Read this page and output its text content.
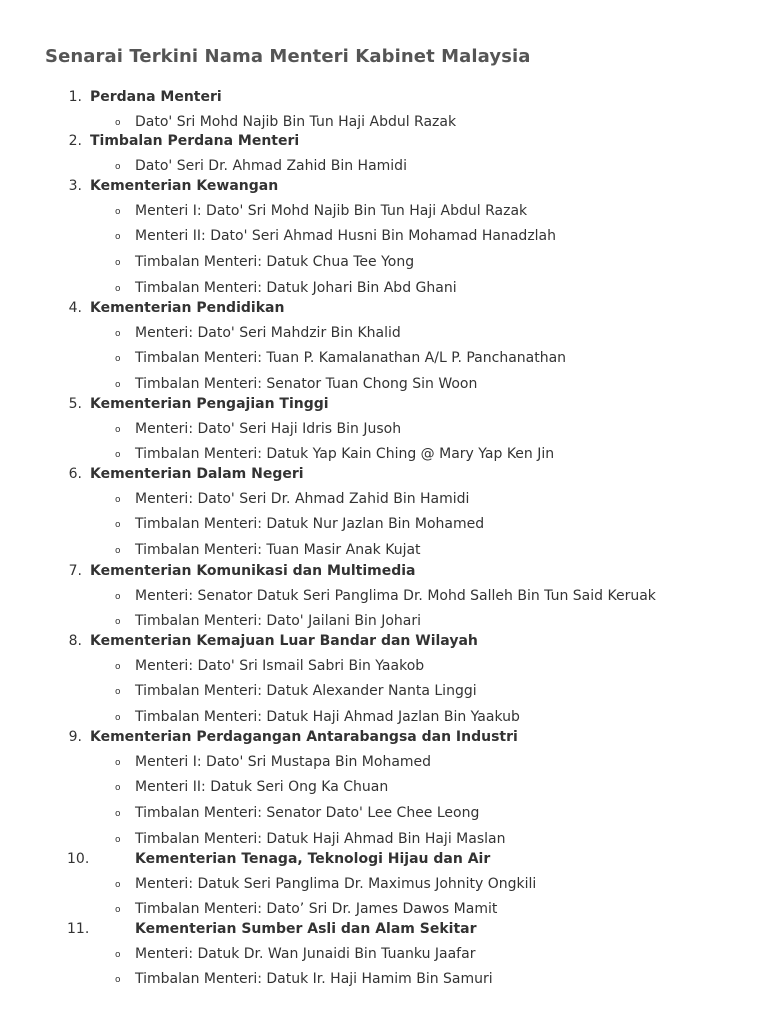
Senarai Terkini Nama Menteri Kabinet Malaysia
1. Perdana Menteri
o Dato' Sri Mohd Najib Bin Tun Haji Abdul Razak
2. Timbalan Perdana Menteri
o Dato' Seri Dr. Ahmad Zahid Bin Hamidi
3. Kementerian Kewangan
o Menteri I: Dato' Sri Mohd Najib Bin Tun Haji Abdul Razak
o Menteri II: Dato' Seri Ahmad Husni Bin Mohamad Hanadzlah
o Timbalan Menteri: Datuk Chua Tee Yong
o Timbalan Menteri: Datuk Johari Bin Abd Ghani
4. Kementerian Pendidikan
o Menteri: Dato' Seri Mahdzir Bin Khalid
o Timbalan Menteri: Tuan P. Kamalanathan A/L P. Panchanathan
o Timbalan Menteri: Senator Tuan Chong Sin Woon
5. Kementerian Pengajian Tinggi
o Menteri: Dato' Seri Haji Idris Bin Jusoh
o Timbalan Menteri: Datuk Yap Kain Ching @ Mary Yap Ken Jin
6. Kementerian Dalam Negeri
o Menteri: Dato' Seri Dr. Ahmad Zahid Bin Hamidi
o Timbalan Menteri: Datuk Nur Jazlan Bin Mohamed
o Timbalan Menteri: Tuan Masir Anak Kujat
7. Kementerian Komunikasi dan Multimedia
o Menteri: Senator Datuk Seri Panglima Dr. Mohd Salleh Bin Tun Said Keruak
o Timbalan Menteri: Dato' Jailani Bin Johari
8. Kementerian Kemajuan Luar Bandar dan Wilayah
o Menteri: Dato' Sri Ismail Sabri Bin Yaakob
o Timbalan Menteri: Datuk Alexander Nanta Linggi
o Timbalan Menteri: Datuk Haji Ahmad Jazlan Bin Yaakub
9. Kementerian Perdagangan Antarabangsa dan Industri
o Menteri I: Dato' Sri Mustapa Bin Mohamed
o Menteri II: Datuk Seri Ong Ka Chuan
o Timbalan Menteri: Senator Dato' Lee Chee Leong
o Timbalan Menteri: Datuk Haji Ahmad Bin Haji Maslan
10.	Kementerian Tenaga, Teknologi Hijau dan Air
o Menteri: Datuk Seri Panglima Dr. Maximus Johnity Ongkili
o Timbalan Menteri: Dato’ Sri Dr. James Dawos Mamit
11.	Kementerian Sumber Asli dan Alam Sekitar
o Menteri: Datuk Dr. Wan Junaidi Bin Tuanku Jaafar
o Timbalan Menteri: Datuk Ir. Haji Hamim Bin Samuri
